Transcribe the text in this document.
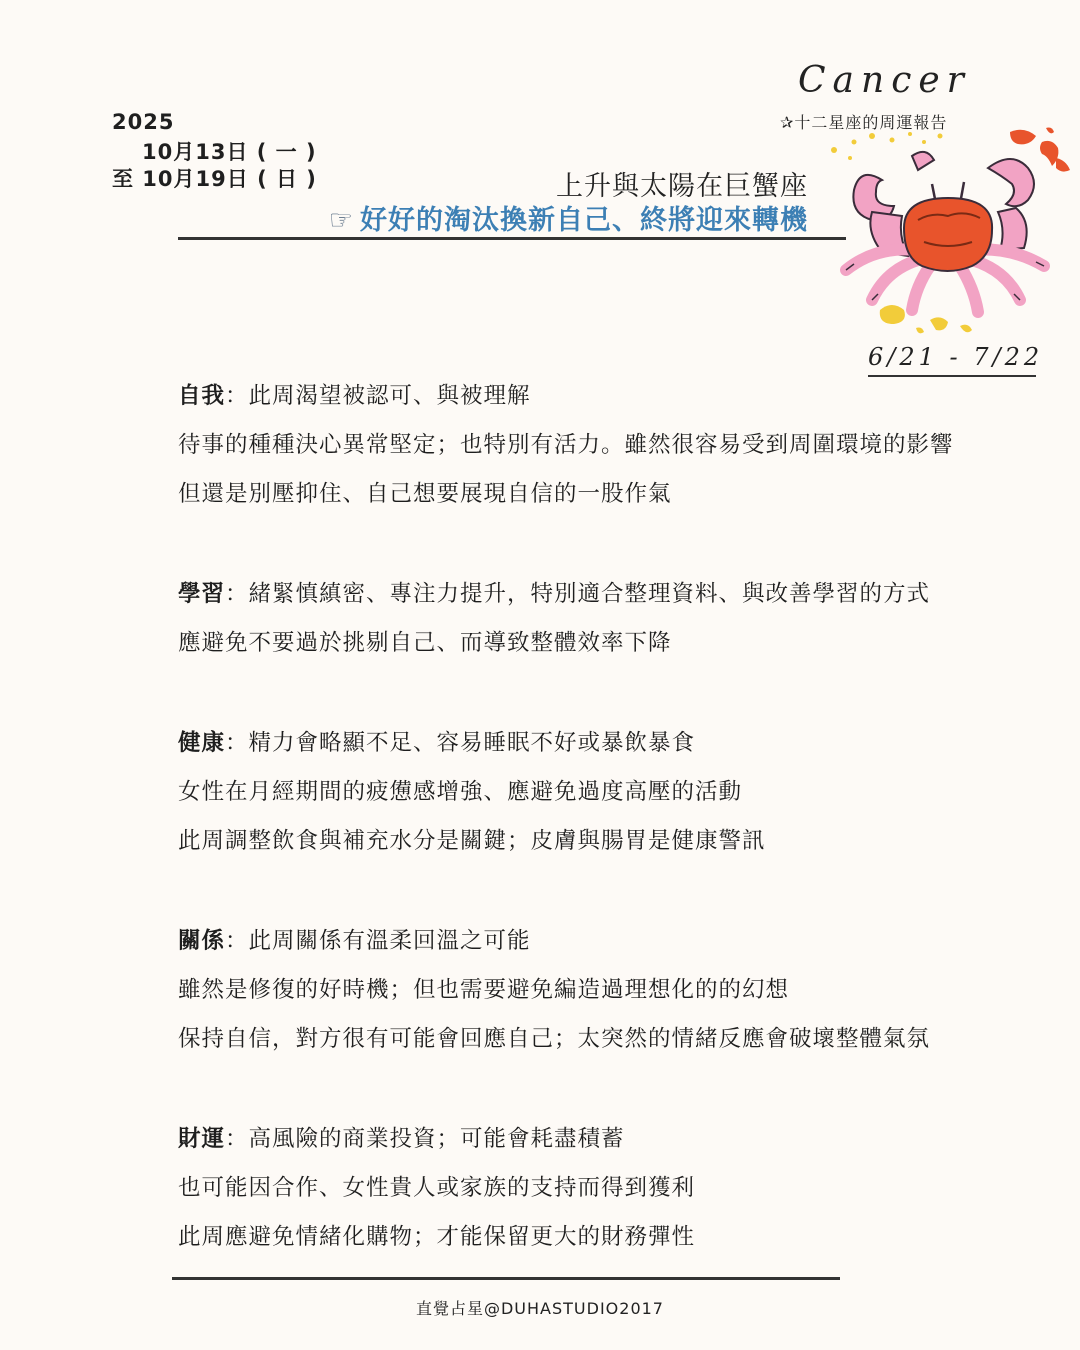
2025
10月13日 ( 一 )
至 10月19日 ( 日 )
Cancer
✰十二星座的周運報告
上升與太陽在巨蟹座
☞ 好好的淘汰換新自己、終將迎來轉機
6/21 - 7/22
自我：此周渴望被認可、與被理解
待事的種種決心異常堅定；也特別有活力。雖然很容易受到周圍環境的影響
但還是別壓抑住、自己想要展現自信的一股作氣
學習：緒緊慎縝密、專注力提升，特別適合整理資料、與改善學習的方式
應避免不要過於挑剔自己、而導致整體效率下降
健康：精力會略顯不足、容易睡眠不好或暴飲暴食
女性在月經期間的疲憊感增強、應避免過度高壓的活動
此周調整飲食與補充水分是關鍵；皮膚與腸胃是健康警訊
關係：此周關係有溫柔回溫之可能
雖然是修復的好時機；但也需要避免編造過理想化的的幻想
保持自信，對方很有可能會回應自己；太突然的情緒反應會破壞整體氣氛
財運：高風險的商業投資；可能會耗盡積蓄
也可能因合作、女性貴人或家族的支持而得到獲利
此周應避免情緒化購物；才能保留更大的財務彈性
直覺占星@DUHASTUDIO2017
